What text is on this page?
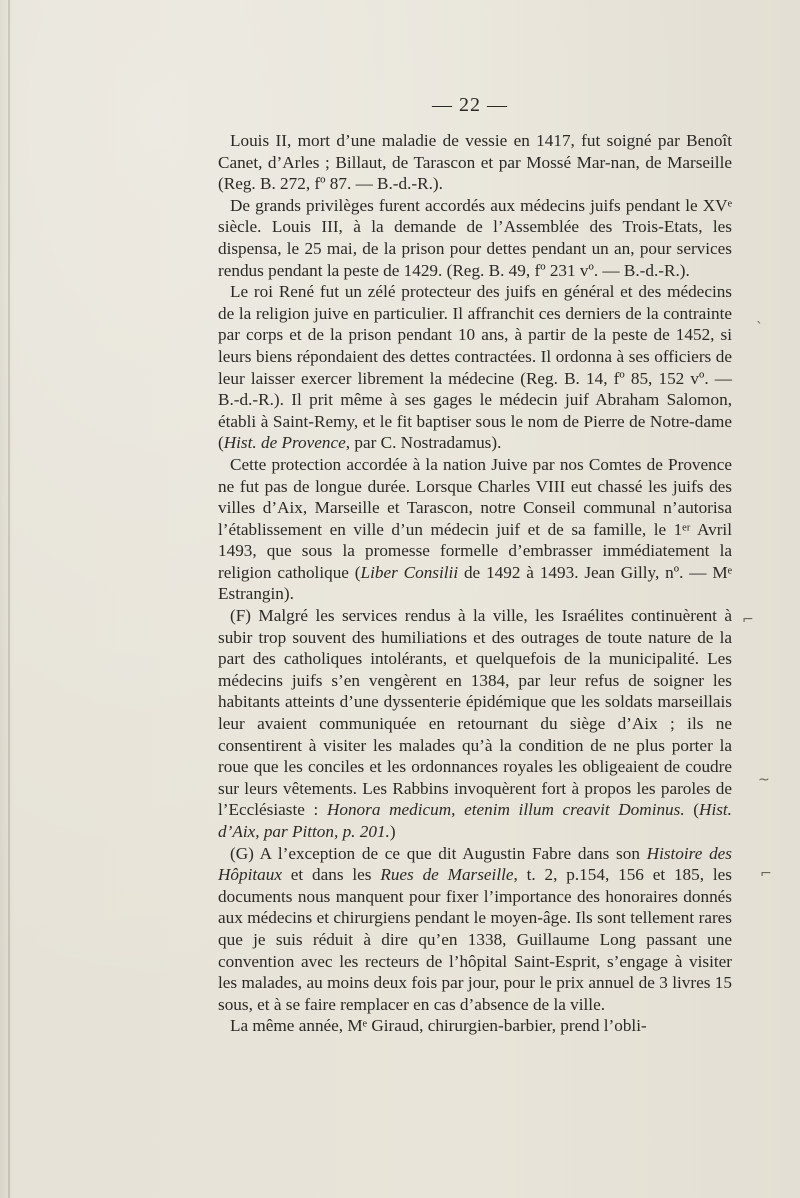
— 22 —

Louis II, mort d’une maladie de vessie en 1417, fut soigné par Benoît Canet, d’Arles ; Billaut, de Tarascon et par Mossé Mar-nan, de Marseille (Reg. B. 272, fº 87. — B.-d.-R.).

De grands privilèges furent accordés aux médecins juifs pendant le XVᵉ siècle. Louis III, à la demande de l’Assemblée des Trois-Etats, les dispensa, le 25 mai, de la prison pour dettes pendant un an, pour services rendus pendant la peste de 1429. (Reg. B. 49, fº 231 vº. — B.-d.-R.).

Le roi René fut un zélé protecteur des juifs en général et des médecins de la religion juive en particulier. Il affranchit ces derniers de la contrainte par corps et de la prison pendant 10 ans, à partir de la peste de 1452, si leurs biens répondaient des dettes contractées. Il ordonna à ses officiers de leur laisser exercer librement la médecine (Reg. B. 14, fº 85, 152 vº. — B.-d.-R.). Il prit même à ses gages le médecin juif Abraham Salomon, établi à Saint-Remy, et le fit baptiser sous le nom de Pierre de Notre-dame (Hist. de Provence, par C. Nostradamus).

Cette protection accordée à la nation Juive par nos Comtes de Provence ne fut pas de longue durée. Lorsque Charles VIII eut chassé les juifs des villes d’Aix, Marseille et Tarascon, notre Conseil communal n’autorisa l’établissement en ville d’un médecin juif et de sa famille, le 1ᵉʳ Avril 1493, que sous la promesse formelle d’embrasser immédiatement la religion catholique (Liber Consilii de 1492 à 1493. Jean Gilly, nº. — Mᵉ Estrangin).

(F) Malgré les services rendus à la ville, les Israélites continuèrent à subir trop souvent des humiliations et des outrages de toute nature de la part des catholiques intolérants, et quelquefois de la municipalité. Les médecins juifs s’en vengèrent en 1384, par leur refus de soigner les habitants atteints d’une dyssenterie épidémique que les soldats marseillais leur avaient communiquée en retournant du siège d’Aix ; ils ne consentirent à visiter les malades qu’à la condition de ne plus porter la roue que les conciles et les ordonnances royales les obligeaient de coudre sur leurs vêtements. Les Rabbins invoquèrent fort à propos les paroles de l’Ecclésiaste : Honora medicum, etenim illum creavit Dominus. (Hist. d’Aix, par Pitton, p. 201.)

(G) A l’exception de ce que dit Augustin Fabre dans son Histoire des Hôpitaux et dans les Rues de Marseille, t. 2, p.154, 156 et 185, les documents nous manquent pour fixer l’importance des honoraires donnés aux médecins et chirurgiens pendant le moyen-âge. Ils sont tellement rares que je suis réduit à dire qu’en 1338, Guillaume Long passant une convention avec les recteurs de l’hôpital Saint-Esprit, s’engage à visiter les malades, au moins deux fois par jour, pour le prix annuel de 3 livres 15 sous, et à se faire remplacer en cas d’absence de la ville.

La même année, Mᵉ Giraud, chirurgien-barbier, prend l’obli-

ˎ
⌐
~
⌐
